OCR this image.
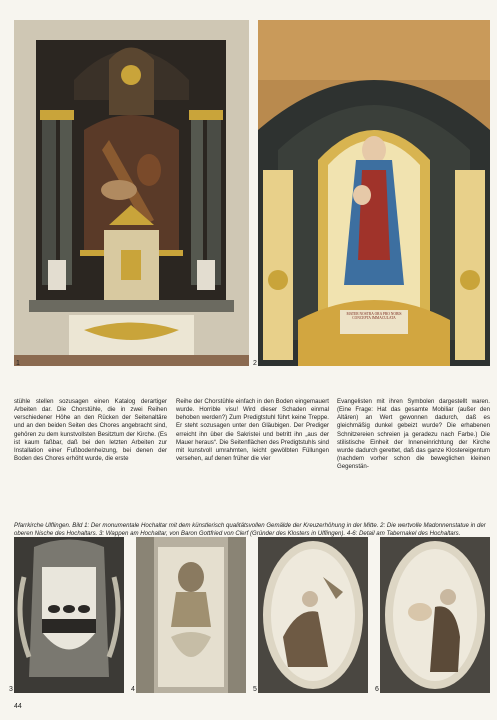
1
MATER NOSTRA ORA PRO NOBIS CONCEPTA IMMACULATA
2
stühle stellen sozusagen einen Katalog derartiger Arbeiten dar. Die Chorstühle, die in zwei Reihen verschiedener Höhe an den Rücken der Seitenaltäre und an den beiden Seiten des Chores angebracht sind, gehören zu dem kunstvollsten Besitztum der Kirche. (Es ist kaum faßbar, daß bei den letzten Arbeiten zur Installation einer Fußbodenheizung, bei denen der Boden des Chores erhöht wurde, die erste
Reihe der Chorstühle einfach in den Boden eingemauert wurde. Horrible visu! Wird dieser Schaden einmal behoben werden?) Zum Predigtstuhl führt keine Treppe. Er steht sozusagen unter den Gläubigen. Der Prediger erreicht ihn über die Sakristei und betritt ihn „aus der Mauer heraus“. Die Seitenflächen des Predigtstuhls sind mit kunstvoll umrahmten, leicht gewölbten Füllungen versehen, auf denen früher die vier
Evangelisten mit ihren Symbolen dargestellt waren. (Eine Frage: Hat das gesamte Mobiliar (außer den Altären) an Wert gewonnen dadurch, daß es gleichmäßig dunkel gebeizt wurde? Die erhabenen Schnitzereien schreien ja geradezu nach Farbe.) Die stilistische Einheit der Inneneinrichtung der Kirche wurde dadurch gerettet, daß das ganze Klostereigentum (nachdem vorher schon die beweglichen kleinen Gegenstän-
Pfarrkirche Ulflingen. Bild 1: Der monumentale Hochaltar mit dem künstlerisch qualitätsvollen Gemälde der Kreuzerhöhung in der Mitte. 2: Die wertvolle Madonnenstatue in der oberen Nische des Hochaltars. 3: Wappen am Hochaltar, von Baron Gottfried von Clerf (Gründer des Klosters in Ulflingen). 4-6: Detail am Tabernakel des Hochaltars.
3	4	5	6
44
